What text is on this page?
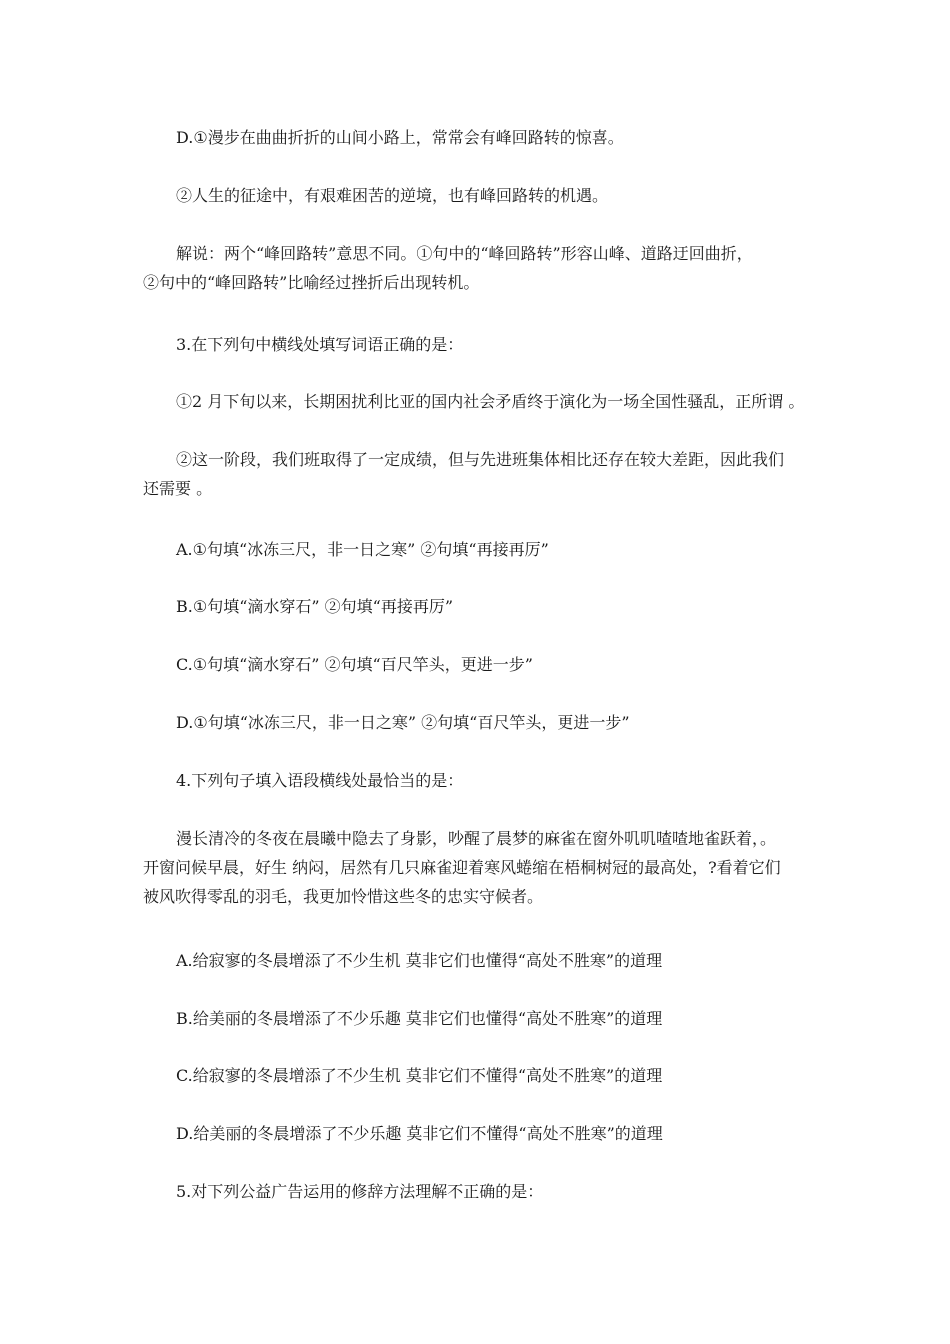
D.①漫步在曲曲折折的山间小路上，常常会有峰回路转的惊喜。
②人生的征途中，有艰难困苦的逆境，也有峰回路转的机遇。
解说：两个“峰回路转”意思不同。①句中的“峰回路转”形容山峰、道路迂回曲折，
②句中的“峰回路转”比喻经过挫折后出现转机。
3.在下列句中横线处填写词语正确的是：
①2 月下旬以来，长期困扰利比亚的国内社会矛盾终于演化为一场全国性骚乱，正所谓 。
②这一阶段，我们班取得了一定成绩，但与先进班集体相比还存在较大差距，因此我们
还需要 。
A.①句填“冰冻三尺，非一日之寒” ②句填“再接再厉”
B.①句填“滴水穿石” ②句填“再接再厉”
C.①句填“滴水穿石” ②句填“百尺竿头，更进一步”
D.①句填“冰冻三尺，非一日之寒” ②句填“百尺竿头，更进一步”
4.下列句子填入语段横线处最恰当的是：
漫长清冷的冬夜在晨曦中隐去了身影，吵醒了晨梦的麻雀在窗外叽叽喳喳地雀跃着，。
开窗问候早晨，好生 纳闷，居然有几只麻雀迎着寒风蜷缩在梧桐树冠的最高处，?看着它们
被风吹得零乱的羽毛，我更加怜惜这些冬的忠实守候者。
A.给寂寥的冬晨增添了不少生机 莫非它们也懂得“高处不胜寒”的道理
B.给美丽的冬晨增添了不少乐趣 莫非它们也懂得“高处不胜寒”的道理
C.给寂寥的冬晨增添了不少生机 莫非它们不懂得“高处不胜寒”的道理
D.给美丽的冬晨增添了不少乐趣 莫非它们不懂得“高处不胜寒”的道理
5.对下列公益广告运用的修辞方法理解不正确的是：
